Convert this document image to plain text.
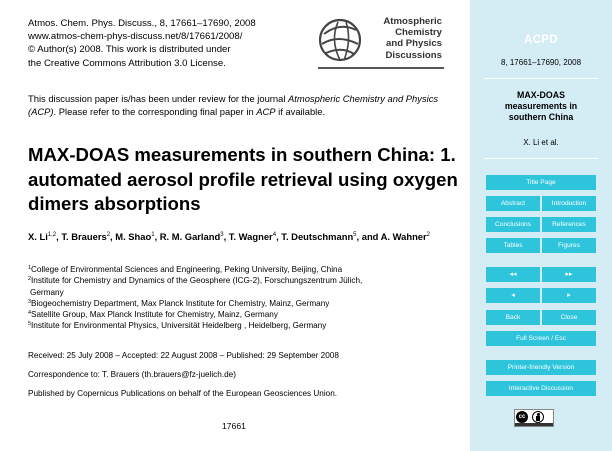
Atmos. Chem. Phys. Discuss., 8, 17661–17690, 2008
www.atmos-chem-phys-discuss.net/8/17661/2008/
© Author(s) 2008. This work is distributed under
the Creative Commons Attribution 3.0 License.
Atmospheric
Chemistry
and Physics
Discussions
This discussion paper is/has been under review for the journal Atmospheric Chemistry and Physics (ACP). Please refer to the corresponding final paper in ACP if available.
MAX-DOAS measurements in southern China: 1. automated aerosol profile retrieval using oxygen dimers absorptions
X. Li$^{1,2}$, T. Brauers$^2$, M. Shao$^1$, R. M. Garland$^3$, T. Wagner$^4$, T. Deutschmann$^5$, and A. Wahner$^2$
$^1$College of Environmental Sciences and Engineering, Peking University, Beijing, China
$^2$Institute for Chemistry and Dynamics of the Geosphere (ICG-2), Forschungszentrum Jülich,
Germany
$^3$Biogeochemistry Department, Max Planck Institute for Chemistry, Mainz, Germany
$^4$Satellite Group, Max Planck Institute for Chemistry, Mainz, Germany
$^5$Institute for Environmental Physics, Universität Heidelberg , Heidelberg, Germany
Received: 25 July 2008 – Accepted: 22 August 2008 – Published: 29 September 2008
Correspondence to: T. Brauers (th.brauers@fz-juelich.de)
Published by Copernicus Publications on behalf of the European Geosciences Union.
17661
ACPD
8, 17661–17690, 2008
MAX-DOAS
measurements in
southern China
X. Li et al.
Title Page
Abstract	Introduction
Conclusions	References
Tables	Figures
◂◂	▸▸
◂	▸
Back	Close
Full Screen / Esc
Printer-friendly Version
Interactive Discussion
cc
